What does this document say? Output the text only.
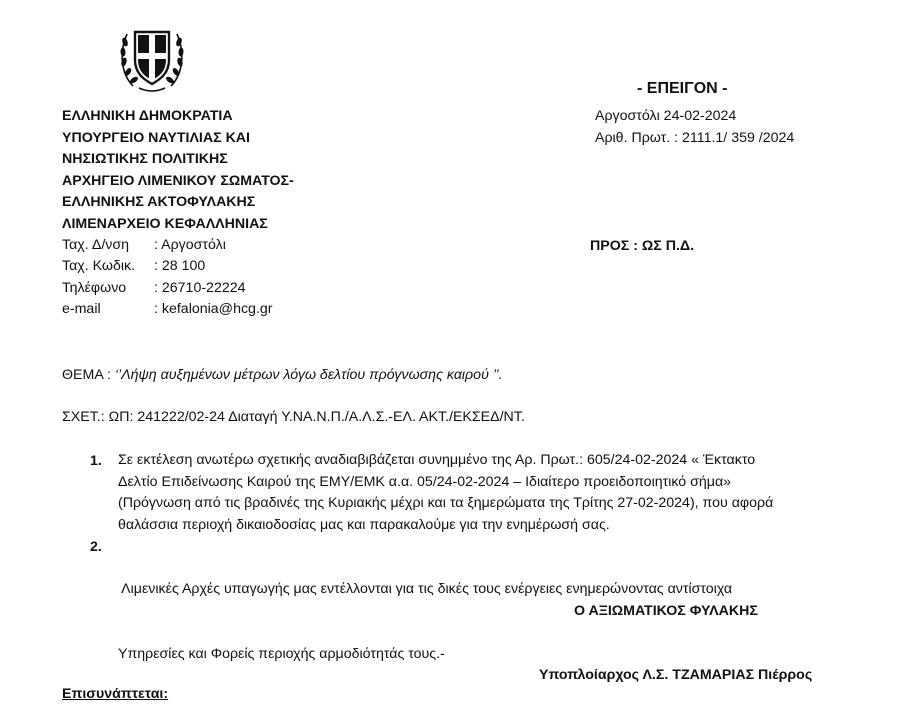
ΕΛΛΗΝΙΚΗ ΔΗΜΟΚΡΑΤΙΑ
ΥΠΟΥΡΓΕΙΟ ΝΑΥΤΙΛΙΑΣ ΚΑΙ
ΝΗΣΙΩΤΙΚΗΣ ΠΟΛΙΤΙΚΗΣ
ΑΡΧΗΓΕΙΟ ΛΙΜΕΝΙΚΟΥ ΣΩΜΑΤΟΣ-
ΕΛΛΗΝΙΚΗΣ ΑΚΤΟΦΥΛΑΚΗΣ
ΛΙΜΕΝΑΡΧΕΙΟ ΚΕΦΑΛΛΗΝΙΑΣ
Ταχ. Δ/νση : Αργοστόλι
Ταχ. Κωδικ. : 28 100
Τηλέφωνο : 26710-22224
e-mail	: kefalonia@hcg.gr
- ΕΠΕΙΓΟΝ -
Αργοστόλι 24-02-2024
Αριθ. Πρωτ. : 2111.1/ 359 /2024
ΠΡΟΣ : ΩΣ Π.Δ.
ΘΕΜΑ : ‘’Λήψη αυξημένων μέτρων λόγω δελτίου πρόγνωσης καιρού ’’.
ΣΧΕΤ.: ΩΠ: 241222/02-24 Διαταγή Υ.ΝΑ.Ν.Π./Α.Λ.Σ.-ΕΛ. ΑΚΤ./ΕΚΣΕΔ/ΝΤ.
1. Σε εκτέλεση ανωτέρω σχετικής αναδιαβιβάζεται συνημμένο της Αρ. Πρωτ.: 605/24-02-2024 « Έκτακτο
Δελτίο Επιδείνωσης Καιρού της ΕΜΥ/ΕΜΚ α.α. 05/24-02-2024 – Ιδιαίτερο προειδοποιητικό σήμα»
(Πρόγνωση από τις βραδινές της Κυριακής μέχρι και τα ξημερώματα της Τρίτης 27-02-2024), που αφορά
θαλάσσια περιοχή δικαιοδοσίας μας και παρακαλούμε για την ενημέρωσή σας.
2.

Λιμενικές Αρχές υπαγωγής μας εντέλλονται για τις δικές τους ενέργειες ενημερώνοντας αντίστοιχα

Υπηρεσίες και Φορείς περιοχής αρμοδιότητάς τους.-

Ο ΑΞΙΩΜΑΤΙΚΟΣ ΦΥΛΑΚΗΣ
Υποπλοίαρχος Λ.Σ. ΤΖΑΜΑΡΙΑΣ Πιέρρος
Επισυνάπτεται:
